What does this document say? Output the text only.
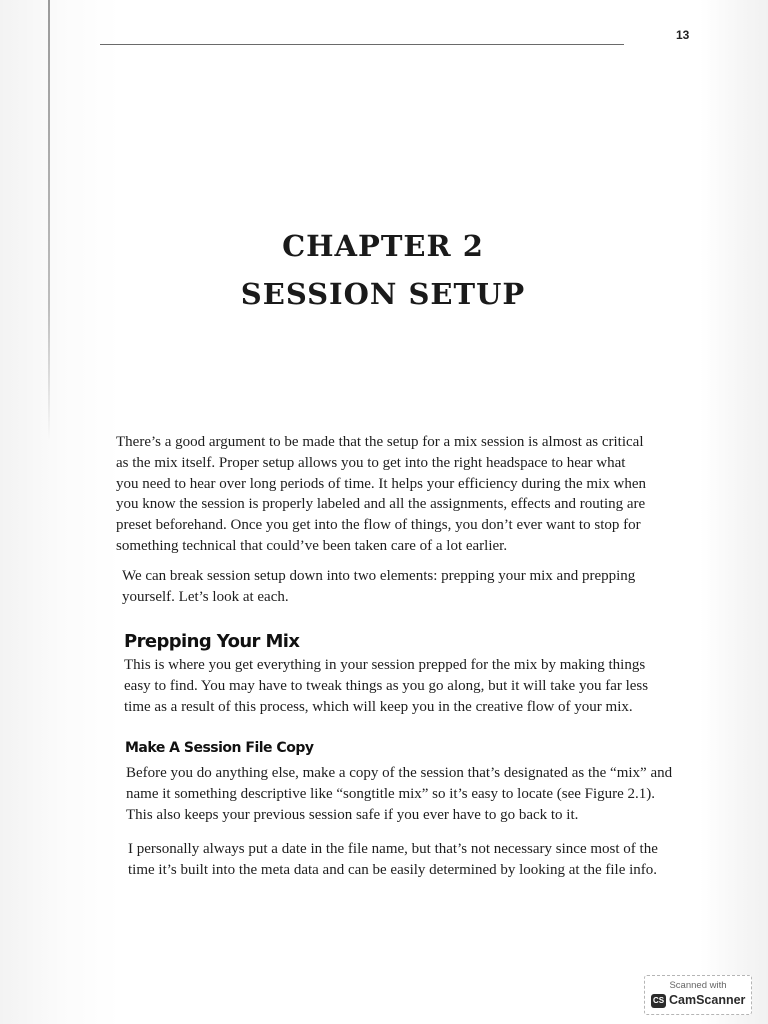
13
CHAPTER 2
SESSION SETUP
There’s a good argument to be made that the setup for a mix session is almost as critical
as the mix itself. Proper setup allows you to get into the right headspace to hear what
you need to hear over long periods of time. It helps your efficiency during the mix when
you know the session is properly labeled and all the assignments, effects and routing are
preset beforehand. Once you get into the flow of things, you don’t ever want to stop for
something technical that could’ve been taken care of a lot earlier.
We can break session setup down into two elements: prepping your mix and prepping
yourself. Let’s look at each.
Prepping Your Mix
This is where you get everything in your session prepped for the mix by making things
easy to find. You may have to tweak things as you go along, but it will take you far less
time as a result of this process, which will keep you in the creative flow of your mix.
Make A Session File Copy
Before you do anything else, make a copy of the session that’s designated as the “mix” and
name it something descriptive like “songtitle mix” so it’s easy to locate (see Figure 2.1).
This also keeps your previous session safe if you ever have to go back to it.
I personally always put a date in the file name, but that’s not necessary since most of the
time it’s built into the meta data and can be easily determined by looking at the file info.
Scanned with
CS CamScanner
